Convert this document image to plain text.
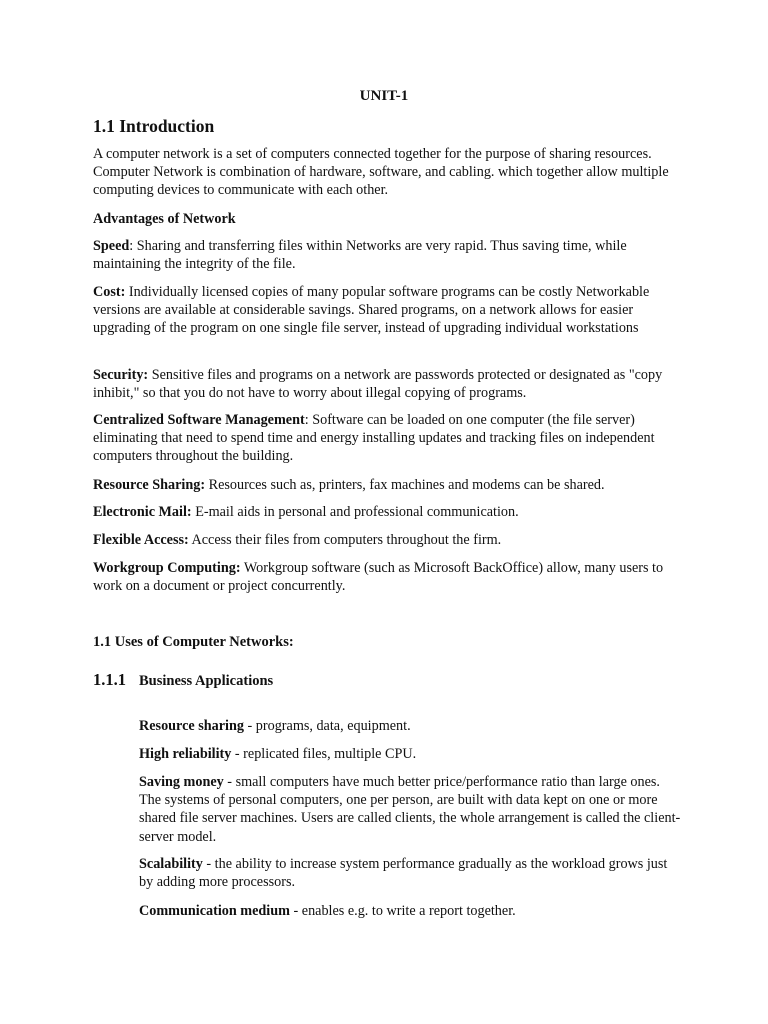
UNIT-1
1.1 Introduction

A computer network is a set of computers connected together for the purpose of sharing resources. Computer Network is combination of hardware, software, and cabling. which together allow multiple computing devices to communicate with each other.

Advantages of Network

Speed: Sharing and transferring files within Networks are very rapid. Thus saving time, while maintaining the integrity of the file.

Cost: Individually licensed copies of many popular software programs can be costly Networkable versions are available at considerable savings. Shared programs, on a network allows for easier upgrading of the program on one single file server, instead of upgrading individual workstations

Security: Sensitive files and programs on a network are passwords protected or designated as "copy inhibit," so that you do not have to worry about illegal copying of programs.

Centralized Software Management: Software can be loaded on one computer (the file server) eliminating that need to spend time and energy installing updates and tracking files on independent computers throughout the building.

Resource Sharing: Resources such as, printers, fax machines and modems can be shared.

Electronic Mail: E-mail aids in personal and professional communication.

Flexible Access: Access their files from computers throughout the firm.

Workgroup Computing: Workgroup software (such as Microsoft BackOffice) allow, many users to work on a document or project concurrently.

1.1 Uses of Computer Networks:
1.1.1 Business Applications

Resource sharing - programs, data, equipment.

High reliability - replicated files, multiple CPU.

Saving money - small computers have much better price/performance ratio than large ones. The systems of personal computers, one per person, are built with data kept on one or more shared file server machines. Users are called clients, the whole arrangement is called the client-server model.

Scalability - the ability to increase system performance gradually as the workload grows just by adding more processors.

Communication medium - enables e.g. to write a report together.
